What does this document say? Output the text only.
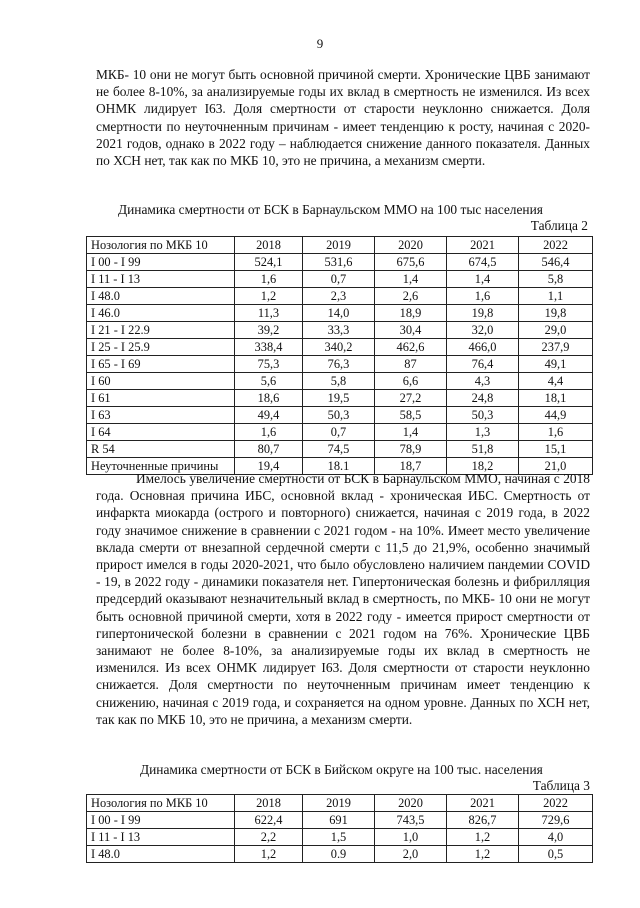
9

МКБ- 10 они не могут быть основной причиной смерти. Хронические ЦВБ занимают не более 8-10%, за анализируемые годы их вклад в смертность не изменился. Из всех ОНМК лидирует I63. Доля смертности от старости неуклонно снижается. Доля смертности по неуточненным причинам - имеет тенденцию к росту, начиная с 2020-2021 годов, однако в 2022 году – наблюдается снижение данного показателя. Данных по ХСН нет, так как по МКБ 10, это не причина, а механизм смерти.

Динамика смертности от БСК в Барнаульском ММО на 100 тыс населения
Таблица 2
Нозология по МКБ 10	2018	2019	2020	2021	2022
I 00 - I 99	524,1	531,6	675,6	674,5	546,4
I 11 - I 13	1,6	0,7	1,4	1,4	5,8
I 48.0	1,2	2,3	2,6	1,6	1,1
I 46.0	11,3	14,0	18,9	19,8	19,8
I 21 - I 22.9	39,2	33,3	30,4	32,0	29,0
I 25 - I 25.9	338,4	340,2	462,6	466,0	237,9
I 65 - I 69	75,3	76,3	87	76,4	49,1
I 60	5,6	5,8	6,6	4,3	4,4
I 61	18,6	19,5	27,2	24,8	18,1
I 63	49,4	50,3	58,5	50,3	44,9
I 64	1,6	0,7	1,4	1,3	1,6
R 54	80,7	74,5	78,9	51,8	15,1
Неуточненные причины	19,4	18.1	18,7	18,2	21,0

Имелось увеличение смертности от БСК в Барнаульском ММО, начиная с 2018 года. Основная причина ИБС, основной вклад - хроническая ИБС. Смертность от инфаркта миокарда (острого и повторного) снижается, начиная с 2019 года, в 2022 году значимое снижение в сравнении с 2021 годом - на 10%. Имеет место увеличение вклада смерти от внезапной сердечной смерти с 11,5 до 21,9%, особенно значимый прирост имелся в годы 2020-2021, что было обусловлено наличием пандемии COVID - 19, в 2022 году - динамики показателя нет. Гипертоническая болезнь и фибрилляция предсердий оказывают незначительный вклад в смертность, по МКБ- 10 они не могут быть основной причиной смерти, хотя в 2022 году - имеется прирост смертности от гипертонической болезни в сравнении с 2021 годом на 76%. Хронические ЦВБ занимают не более 8-10%, за анализируемые годы их вклад в смертность не изменился. Из всех ОНМК лидирует I63. Доля смертности от старости неуклонно снижается. Доля смертности по неуточненным причинам имеет тенденцию к снижению, начиная с 2019 года, и сохраняется на одном уровне. Данных по ХСН нет, так как по МКБ 10, это не причина, а механизм смерти.

Динамика смертности от БСК в Бийском округе на 100 тыс. населения
Таблица 3
Нозология по МКБ 10	2018	2019	2020	2021	2022
I 00 - I 99	622,4	691	743,5	826,7	729,6
I 11 - I 13	2,2	1,5	1,0	1,2	4,0
I 48.0	1,2	0.9	2,0	1,2	0,5
